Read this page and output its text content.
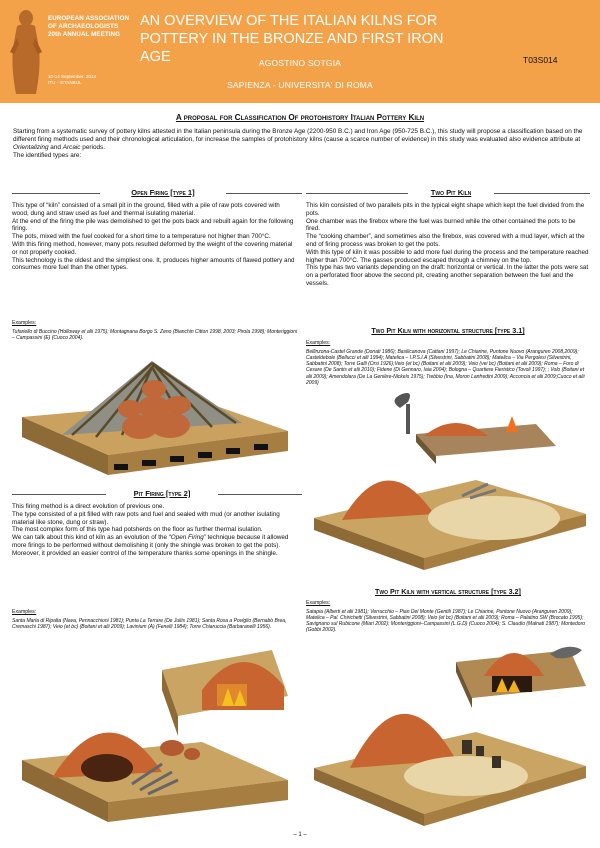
EUROPEAN ASSOCIATION
OF ARCHAEOLOGISTS
20th ANNUAL MEETING
10-14 September, 2014
ITU - ISTANBUL
AN OVERVIEW OF THE ITALIAN KILNS FOR
POTTERY IN THE BRONZE AND FIRST IRON AGE	AGOSTINO SOTGIA
SAPIENZA - UNIVERSITA' DI ROMA
T03S014
A proposal for Classification Of protohistory Italian Pottery Kiln

Starting from a systematic survey of pottery kilns attested in the Italian peninsula during the Bronze Age (2200-950 B.C.) and Iron Age (950-725 B.C.), this study will propose a classification based on the different firing methods used and their chronological articulation, for increase the samples of protohistory kilns (cause a scarce number of evidence) in this study was evaluated also evidence attribute at Orientalizing and Arcaic periods.

The identified types are:

Open Firing [type 1]

This type of “kiln” consisted of a small pit in the ground, filled with a pile of raw pots covered with wood, dung and straw used as fuel and thermal isulating material.

At the end of the firing the pile was demolished to get the pots back and rebuilt again for the following firing.

The pots, mixed with the fuel cooked for a short time to a temperature not higher than 700°C.

With this firing method, however, many pots resulted deformed by the weight of the covering material or not properly cooked.

This technology is the oldest and the simpliest one. It, produces higher amounts of flawed pottery and consumes more fuel than the other types.

Examples:
Tufariello di Buccino (Holloway et alii 1975); Montagnana Borgo S. Zeno (Bianchin Citton 1998, 2003; Pirola 1998); Monteriggioni – Campassini (E) (Cuoco 2004).
Pit Firing [type 2]

This firing method is a direct evolution of previous one.

The type consisted of a pit filled with raw pots and fuel and sealed with mud (or another isulating material like stone, dung or straw).

The most complex form of this type had potsherds on the floor as further thermal isulation.

We can talk about this kind of kiln as an evolution of the “Open Firing” technique because it allowed more firings to be performed without demolishing it (only the shingle was broken to get the pots).

Moreover, it provided an easier control of the temperature thanks some openings in the shingle.

Examples:
Santa Maria di Ripalta (Nava, Pennacchioni 1981); Punta La Terrare (De Juliis 1981); Santa Rosa a Poviglio (Bernabò Brea, Cremaschi 1987); Veio (et bc) (Boitani et alii 2009); Lavinium (A) (Fenelli 1984); Torre Chiaruccia (Barbaranelli 1956).
Two Pit Kiln

This kiln consisted of two parallels pits in the typical eight shape which kept the fuel divided from the pots.

One chamber was the firebox where the fuel was burned while the other contained the pots to be fired.

The “cooking chamber”, and sometimes also the firebox, was covered with a mud layer, which at the end of firing process was broken to get the pots.

With this type of kiln it was possible to add more fuel during the process and the temperature reached higher than 700°C. The gasses produced escaped through a chimney on the top.

This type has two variants depending on the draft: horizontal or vertical. In the latter the pots were sat on a perforated floor above the second pit, creating another separation between the fuel and the vessels.

Two Pit Kiln with horizontal structure [type 3.1]
Examples:
Bellinzona-Castel Grande (Donati 1986); Basilicanova (Cattani 1997); Le Chiarine, Puntone Nuovo (Aranguren 2008,2009); Casteldebole (Bellucci et alii 1994); Matelica – I.P.S.I.A (Silvestrini, Sabbatini 2008); Matelica – Via Pergolesi (Silvestrini, Sabbatini 2008); Torre Galli (Orsi 1926);Veio (et bc) (Boitani et alii 2009); Veio (vei bc) (Boitani et alii 2009); Roma – Foro di Cesare (De Santis et alii 2010); Fidene (Di Gennaro, Iaia 2004); Bologna – Quartiere Fieristico (Tovoli 1997); ; Volo (Boitani et alii 2009); Amendolara (De La Genière-Nickels 1975); Trebbio (Ina, Moron Lanfredini 2009); Acconcia et alii 2009;Cuoco et alii 2009)
Two Pit Kiln with vertical structure [type 3.2]
Examples:
Satapia (Alberti et alii 1981); Verrucchio – Pian Del Monte (Gentili 1987); Le Chiarine, Puntone Nuovo (Aranguren 2009); Matelica – Pal. Chirichetti (Silvestrini, Sabbatini 2008); Veio (et bc) (Boitani et alii 2009); Roma – Palatino SW (Brocato 1995); Savignano sul Rubicone (Miari 2002); Monteriggioni–Campassini (L.G.D) (Cuoco 2004); S. Claudio (Malnati 1987); Montedoro (Gobbi 2002).
– 1 –
